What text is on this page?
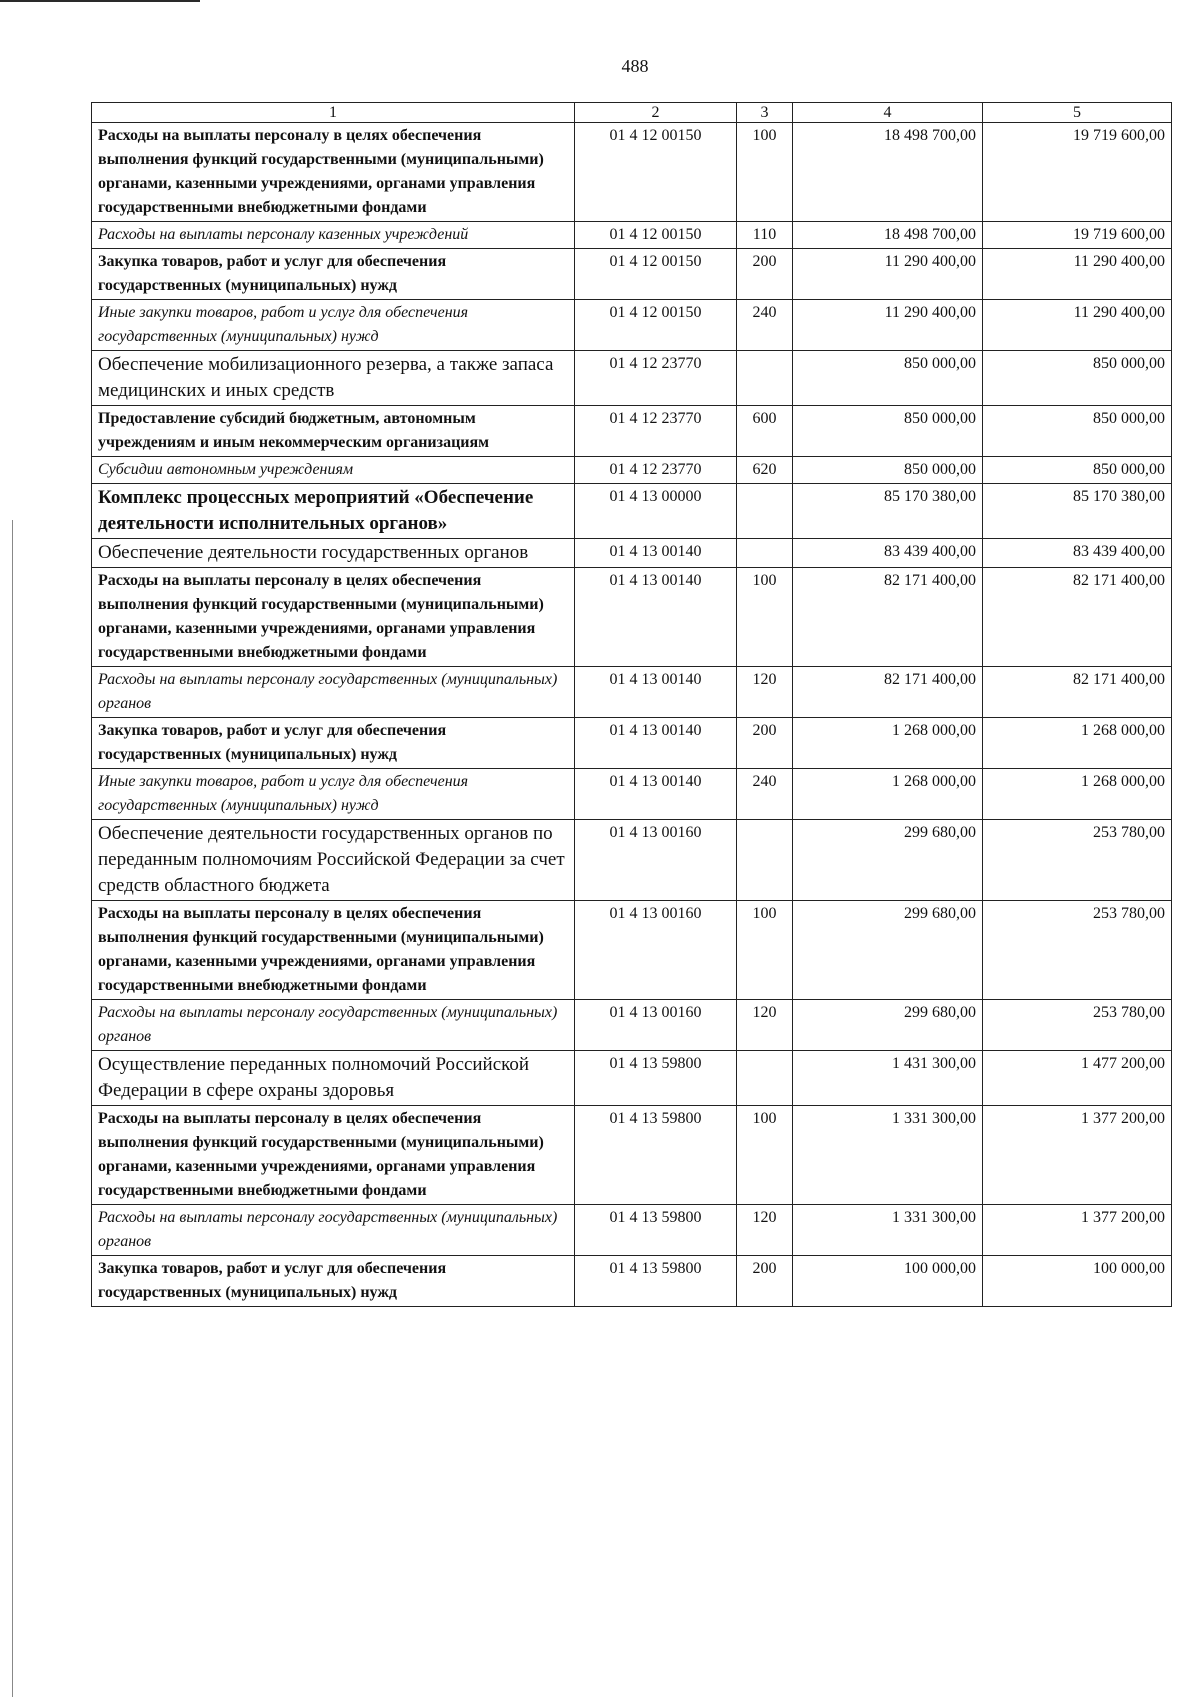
488
1	2	3	4	5
Расходы на выплаты персоналу в целях обеспечения выполнения функций государственными (муниципальными) органами, казенными учреждениями, органами управления государственными внебюджетными фондами	01 4 12 00150	100	18 498 700,00	19 719 600,00
Расходы на выплаты персоналу казенных учреждений	01 4 12 00150	110	18 498 700,00	19 719 600,00
Закупка товаров, работ и услуг для обеспечения государственных (муниципальных) нужд	01 4 12 00150	200	11 290 400,00	11 290 400,00
Иные закупки товаров, работ и услуг для обеспечения государственных (муниципальных) нужд	01 4 12 00150	240	11 290 400,00	11 290 400,00
Обеспечение мобилизационного резерва, а также запаса медицинских и иных средств	01 4 12 23770		850 000,00	850 000,00
Предоставление субсидий бюджетным, автономным учреждениям и иным некоммерческим организациям	01 4 12 23770	600	850 000,00	850 000,00
Субсидии автономным учреждениям	01 4 12 23770	620	850 000,00	850 000,00
Комплекс процессных мероприятий «Обеспечение деятельности исполнительных органов»	01 4 13 00000		85 170 380,00	85 170 380,00
Обеспечение деятельности государственных органов	01 4 13 00140		83 439 400,00	83 439 400,00
Расходы на выплаты персоналу в целях обеспечения выполнения функций государственными (муниципальными) органами, казенными учреждениями, органами управления государственными внебюджетными фондами	01 4 13 00140	100	82 171 400,00	82 171 400,00
Расходы на выплаты персоналу государственных (муниципальных) органов	01 4 13 00140	120	82 171 400,00	82 171 400,00
Закупка товаров, работ и услуг для обеспечения государственных (муниципальных) нужд	01 4 13 00140	200	1 268 000,00	1 268 000,00
Иные закупки товаров, работ и услуг для обеспечения государственных (муниципальных) нужд	01 4 13 00140	240	1 268 000,00	1 268 000,00
Обеспечение деятельности государственных органов по переданным полномочиям Российской Федерации за счет средств областного бюджета	01 4 13 00160		299 680,00	253 780,00
Расходы на выплаты персоналу в целях обеспечения выполнения функций государственными (муниципальными) органами, казенными учреждениями, органами управления государственными внебюджетными фондами	01 4 13 00160	100	299 680,00	253 780,00
Расходы на выплаты персоналу государственных (муниципальных) органов	01 4 13 00160	120	299 680,00	253 780,00
Осуществление переданных полномочий Российской Федерации в сфере охраны здоровья	01 4 13 59800		1 431 300,00	1 477 200,00
Расходы на выплаты персоналу в целях обеспечения выполнения функций государственными (муниципальными) органами, казенными учреждениями, органами управления государственными внебюджетными фондами	01 4 13 59800	100	1 331 300,00	1 377 200,00
Расходы на выплаты персоналу государственных (муниципальных) органов	01 4 13 59800	120	1 331 300,00	1 377 200,00
Закупка товаров, работ и услуг для обеспечения государственных (муниципальных) нужд	01 4 13 59800	200	100 000,00	100 000,00
